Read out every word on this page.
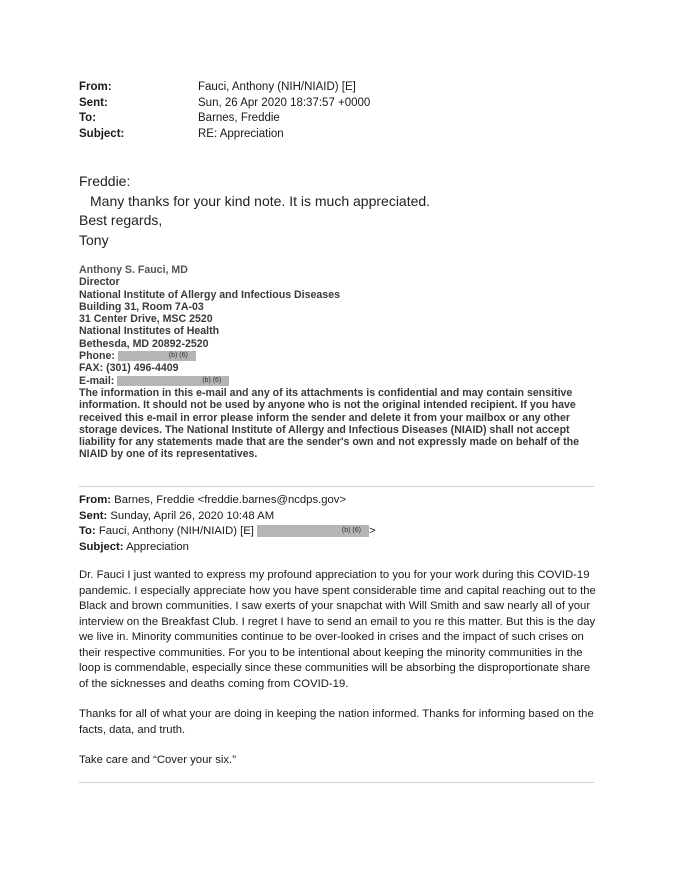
From:	Fauci, Anthony (NIH/NIAID) [E]
Sent:	Sun, 26 Apr 2020 18:37:57 +0000
To:	Barnes, Freddie
Subject:	RE: Appreciation
Freddie:
Many thanks for your kind note. It is much appreciated.
Best regards,
Tony
Anthony S. Fauci, MD
Director
National Institute of Allergy and Infectious Diseases
Building 31, Room 7A-03
31 Center Drive, MSC 2520
National Institutes of Health
Bethesda, MD 20892-2520
Phone:	(b) (6)
FAX: (301) 496-4409
E-mail:	(b) (6)
The information in this e-mail and any of its attachments is confidential and may contain sensitive information. It should not be used by anyone who is not the original intended recipient. If you have received this e-mail in error please inform the sender and delete it from your mailbox or any other storage devices. The National Institute of Allergy and Infectious Diseases (NIAID) shall not accept liability for any statements made that are the sender's own and not expressly made on behalf of the NIAID by one of its representatives.
From: Barnes, Freddie <freddie.barnes@ncdps.gov>
Sent: Sunday, April 26, 2020 10:48 AM
To: Fauci, Anthony (NIH/NIAID) [E]	(b) (6) >
Subject: Appreciation

Dr. Fauci I just wanted to express my profound appreciation to you for your work during this COVID-19 pandemic. I especially appreciate how you have spent considerable time and capital reaching out to the Black and brown communities. I saw exerts of your snapchat with Will Smith and saw nearly all of your interview on the Breakfast Club. I regret I have to send an email to you re this matter. But this is the day we live in. Minority communities continue to be over-looked in crises and the impact of such crises on their respective communities. For you to be intentional about keeping the minority communities in the loop is commendable, especially since these communities will be absorbing the disproportionate share of the sicknesses and deaths coming from COVID-19.

Thanks for all of what your are doing in keeping the nation informed. Thanks for informing based on the facts, data, and truth.

Take care and “Cover your six.”
